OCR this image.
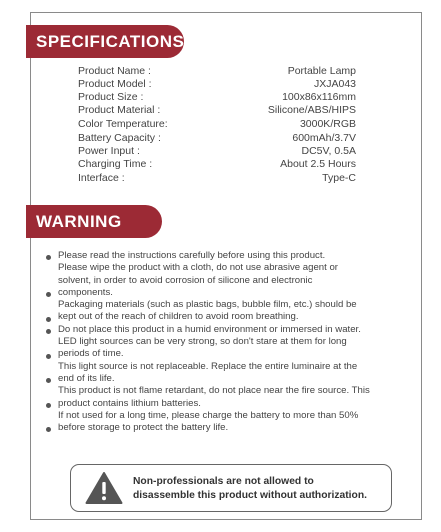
SPECIFICATIONS
Product Name :	Portable Lamp
Product Model :	JXJA043
Product Size :	100x86x116mm
Product Material :	Silicone/ABS/HIPS
Color Temperature:	3000K/RGB
Battery Capacity :	600mAh/3.7V
Power Input :	DC5V, 0.5A
Charging Time :	About 2.5 Hours
Interface :	Type-C
WARNING
Please read the instructions carefully before using this product.
Please wipe the product with a cloth, do not use abrasive agent or
solvent, in order to avoid corrosion of silicone and electronic
components.
Packaging materials (such as plastic bags, bubble film, etc.) should be
kept out of the reach of children to avoid room breathing.
Do not place this product in a humid environment or immersed in water.
LED light sources can be very strong, so don't stare at them for long
periods of time.
This light source is not replaceable. Replace the entire luminaire at the
end of its life.
This product is not flame retardant, do not place near the fire source. This
product contains lithium batteries.
If not used for a long time, please charge the battery to more than 50%
before storage to protect the battery life.
Non-professionals are not allowed to
disassemble this product without authorization.
